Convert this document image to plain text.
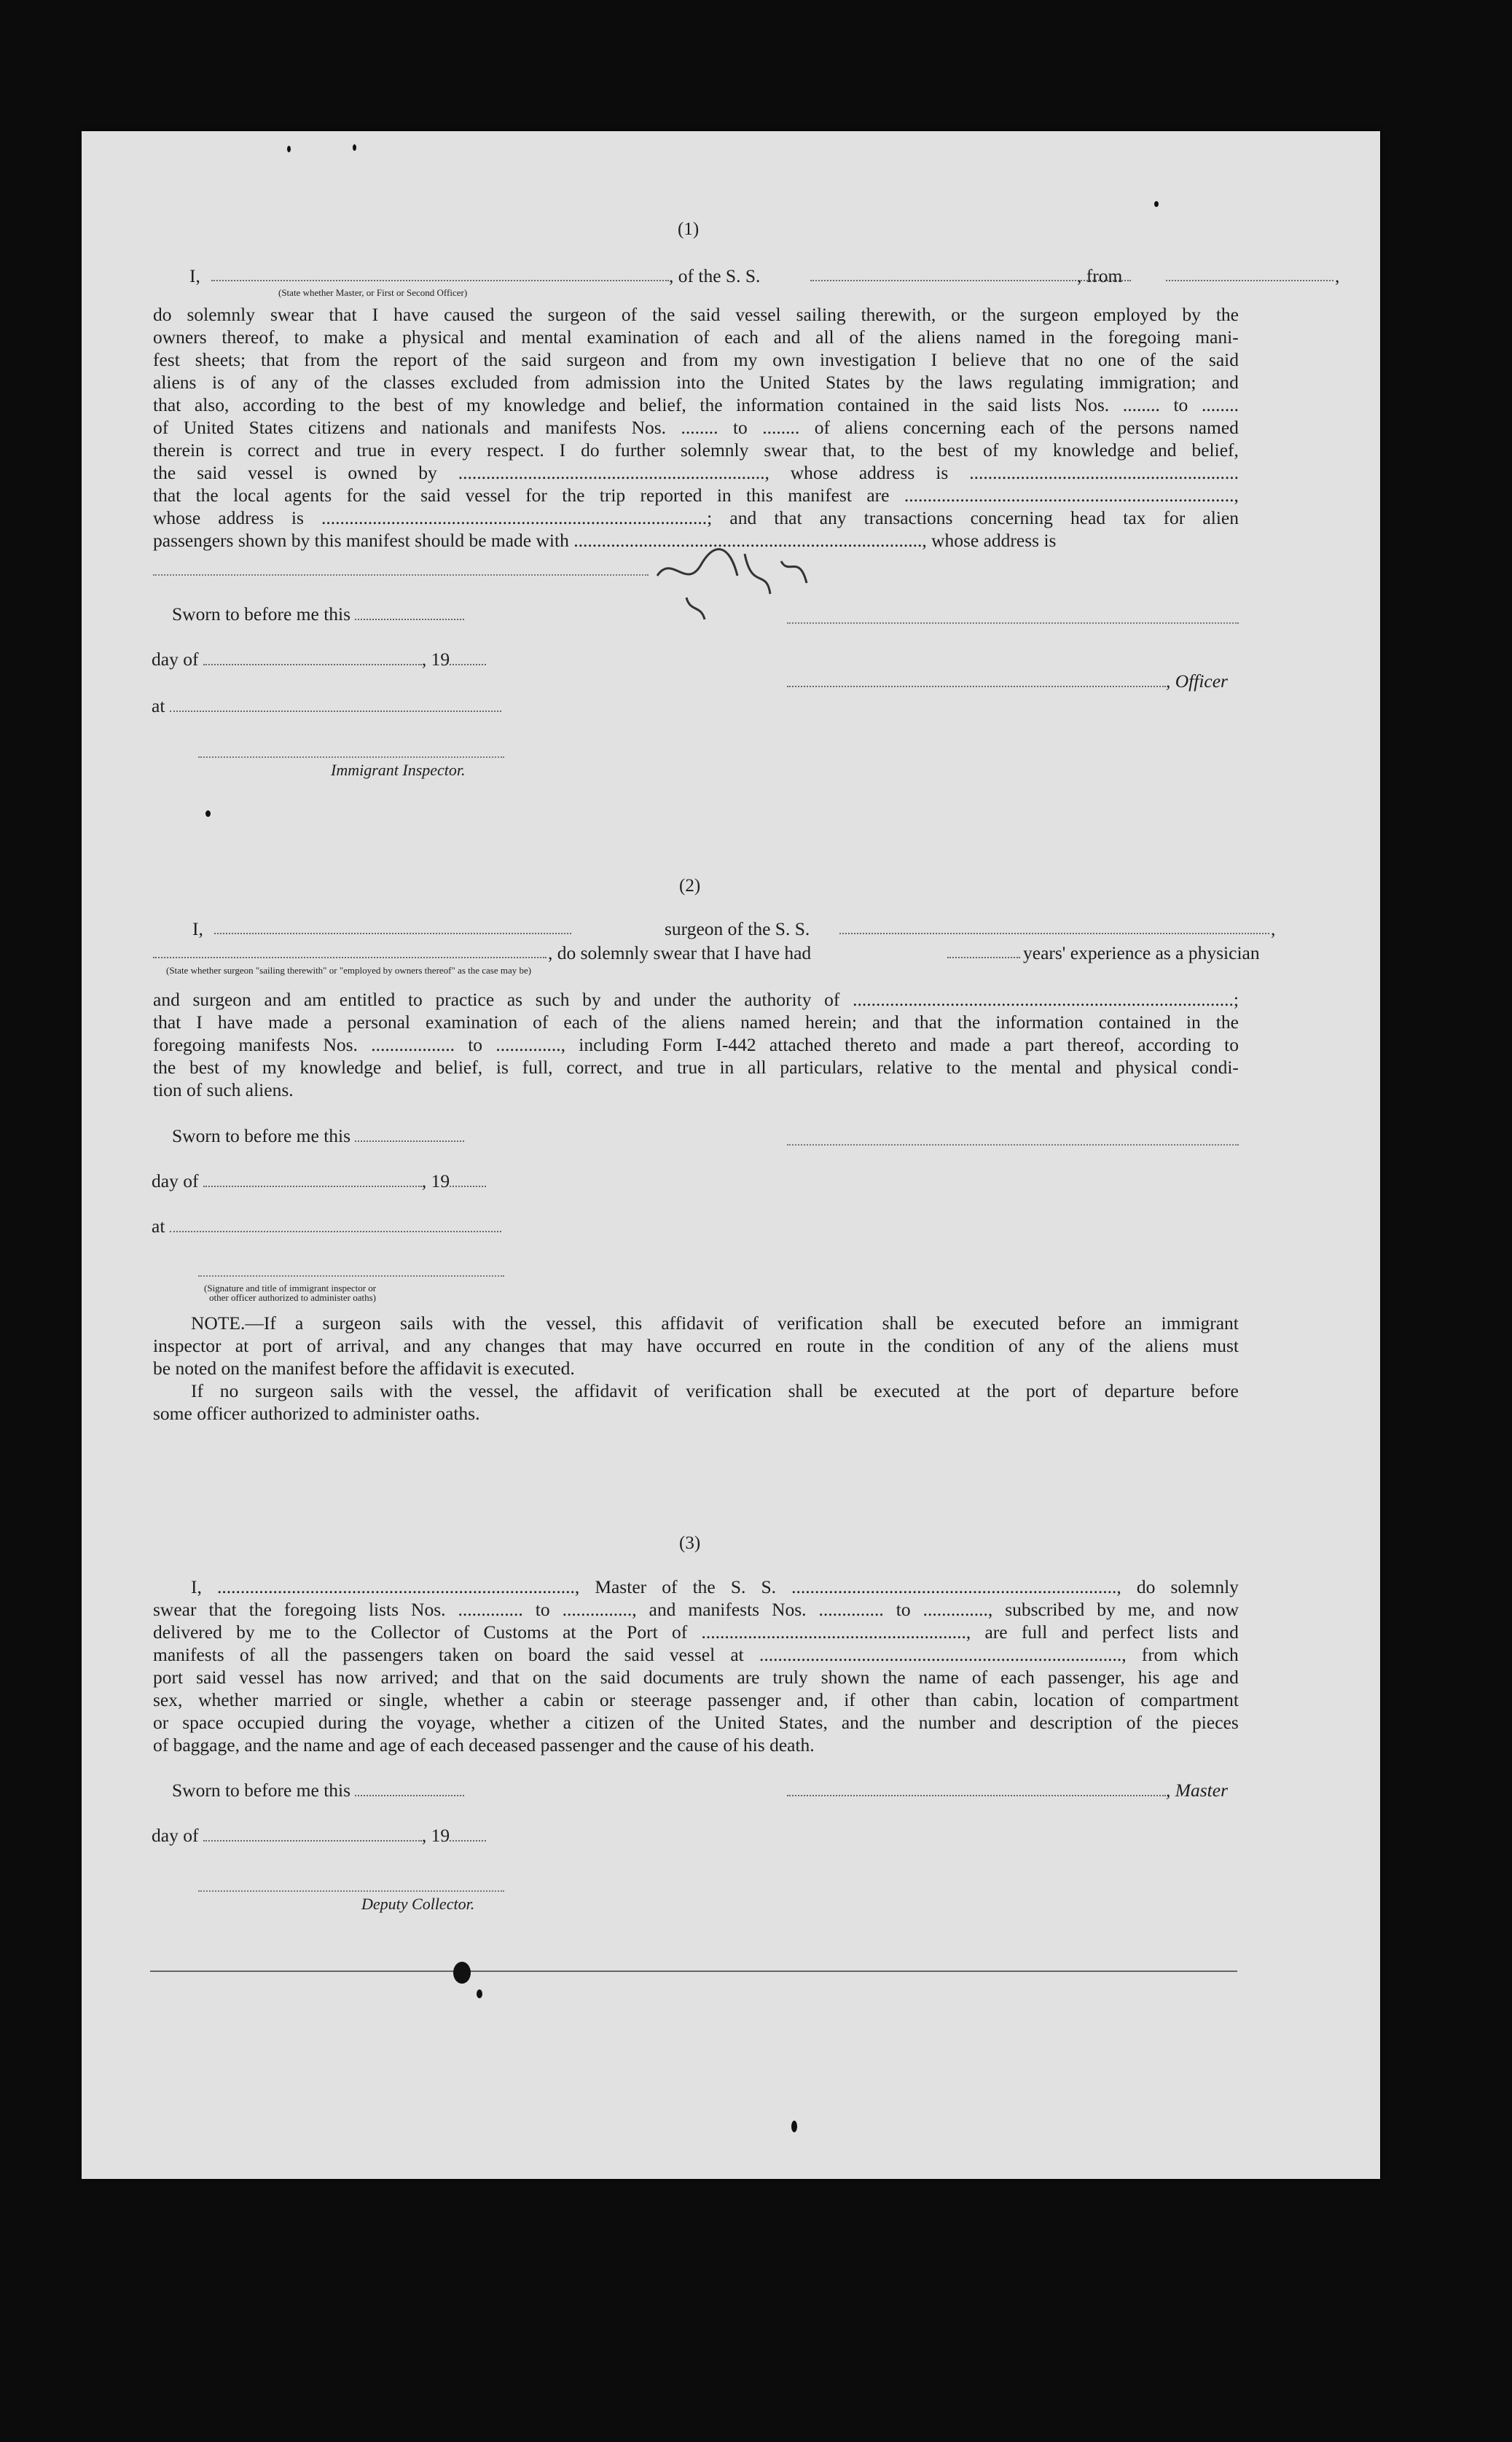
(1)
I,	, of the S. S.	, from	,
(State whether Master, or First or Second Officer)
do solemnly swear that I have caused the surgeon of the said vessel sailing therewith, or the surgeon employed by the
owners thereof, to make a physical and mental examination of each and all of the aliens named in the foregoing mani-
fest sheets; that from the report of the said surgeon and from my own investigation I believe that no one of the said
aliens is of any of the classes excluded from admission into the United States by the laws regulating immigration; and
that also, according to the best of my knowledge and belief, the information contained in the said lists Nos. ........ to ........
of United States citizens and nationals and manifests Nos. ........ to ........ of aliens concerning each of the persons named
therein is correct and true in every respect. I do further solemnly swear that, to the best of my knowledge and belief,
the said vessel is owned by .................................................................., whose address is ..........................................................
that the local agents for the said vessel for the trip reported in this manifest are .......................................................................,
whose address is ...................................................................................; and that any transactions concerning head tax for alien
passengers shown by this manifest should be made with ..........................................................................., whose address is
Sworn to before me this
day of	, 19
, Officer
at
Immigrant Inspector.
(2)
I,	surgeon of the S. S.	,
, do solemnly swear that I have had	years' experience as a physician
(State whether surgeon "sailing therewith" or "employed by owners thereof" as the case may be)
and surgeon and am entitled to practice as such by and under the authority of ..................................................................................;
that I have made a personal examination of each of the aliens named herein; and that the information contained in the
foregoing manifests Nos. .................. to .............., including Form I-442 attached thereto and made a part thereof, according to
the best of my knowledge and belief, is full, correct, and true in all particulars, relative to the mental and physical condi-
tion of such aliens.
Sworn to before me this
day of	, 19
at
(Signature and title of immigrant inspector or
other officer authorized to administer oaths)
NOTE.—If a surgeon sails with the vessel, this affidavit of verification shall be executed before an immigrant
inspector at port of arrival, and any changes that may have occurred en route in the condition of any of the aliens must
be noted on the manifest before the affidavit is executed.
If no surgeon sails with the vessel, the affidavit of verification shall be executed at the port of departure before
some officer authorized to administer oaths.
(3)
I, ............................................................................., Master of the S. S. ......................................................................, do solemnly
swear that the foregoing lists Nos. .............. to ..............., and manifests Nos. .............. to .............., subscribed by me, and now
delivered by me to the Collector of Customs at the Port of ........................................................., are full and perfect lists and
manifests of all the passengers taken on board the said vessel at .............................................................................., from which
port said vessel has now arrived; and that on the said documents are truly shown the name of each passenger, his age and
sex, whether married or single, whether a cabin or steerage passenger and, if other than cabin, location of compartment
or space occupied during the voyage, whether a citizen of the United States, and the number and description of the pieces
of baggage, and the name and age of each deceased passenger and the cause of his death.
Sworn to before me this	, Master
day of	, 19
Deputy Collector.
